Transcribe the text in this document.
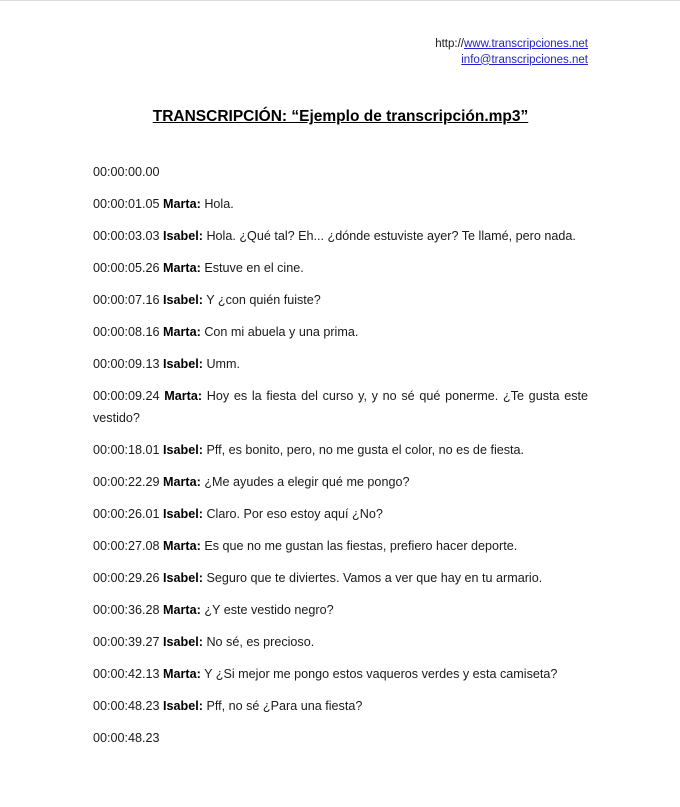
http://www.transcripciones.net
info@transcripciones.net
TRANSCRIPCIÓN: “Ejemplo de transcripción.mp3”

00:00:00.00

00:00:01.05 Marta: Hola.

00:00:03.03 Isabel: Hola. ¿Qué tal? Eh... ¿dónde estuviste ayer? Te llamé, pero nada.

00:00:05.26 Marta: Estuve en el cine.

00:00:07.16 Isabel: Y ¿con quién fuiste?

00:00:08.16 Marta: Con mi abuela y una prima.

00:00:09.13 Isabel: Umm.

00:00:09.24 Marta: Hoy es la fiesta del curso y, y no sé qué ponerme. ¿Te gusta este vestido?

00:00:18.01 Isabel: Pff, es bonito, pero, no me gusta el color, no es de fiesta.

00:00:22.29 Marta: ¿Me ayudes a elegir qué me pongo?

00:00:26.01 Isabel: Claro. Por eso estoy aquí ¿No?

00:00:27.08 Marta: Es que no me gustan las fiestas, prefiero hacer deporte.

00:00:29.26 Isabel: Seguro que te diviertes. Vamos a ver que hay en tu armario.

00:00:36.28 Marta: ¿Y este vestido negro?

00:00:39.27 Isabel: No sé, es precioso.

00:00:42.13 Marta: Y ¿Si mejor me pongo estos vaqueros verdes y esta camiseta?

00:00:48.23 Isabel: Pff, no sé ¿Para una fiesta?

00:00:48.23
